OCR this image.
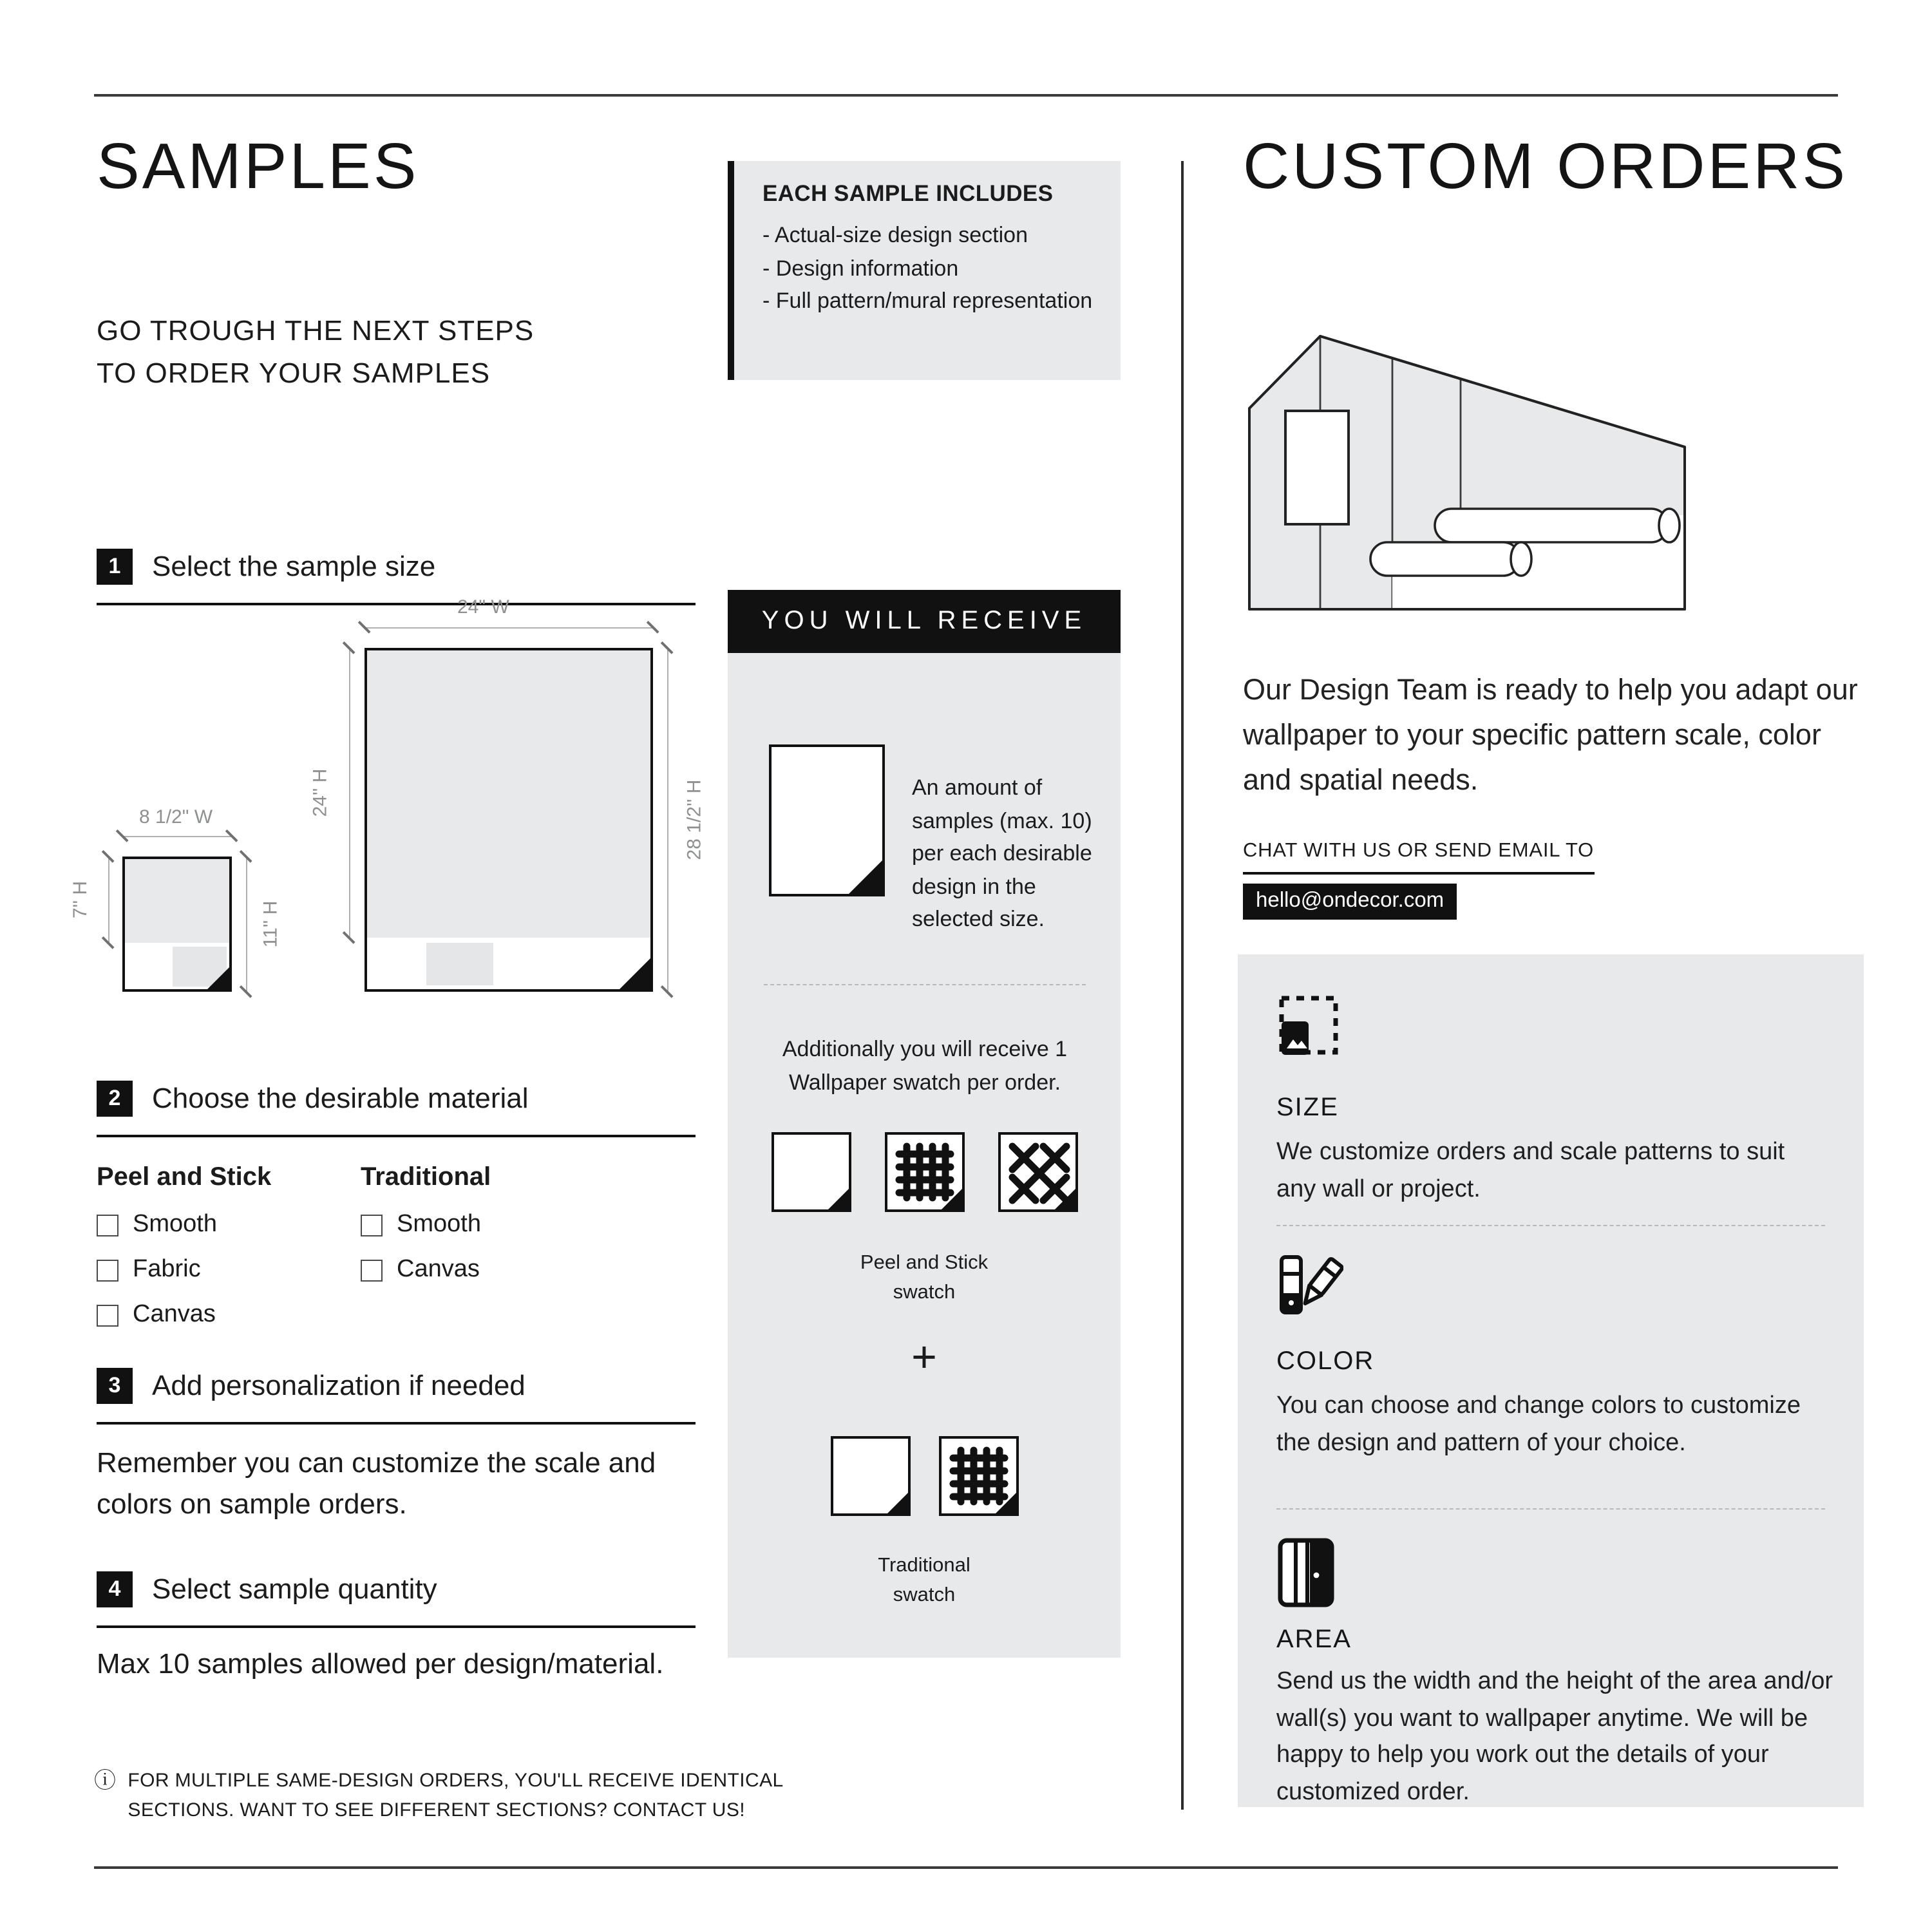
SAMPLES
GO TROUGH THE NEXT STEPS
TO ORDER YOUR SAMPLES
EACH SAMPLE INCLUDES
- Actual-size design section
- Design information
- Full pattern/mural representation
1	Select the sample size
24" W
24'' H	28 1/2'' H
8 1/2" W
7'' H
11'' H
2	Choose the desirable material
Peel and Stick
Smooth
Fabric
Canvas
Traditional
Smooth
Canvas
3	Add personalization if needed
Remember you can customize the scale and colors on sample orders.
4	Select sample quantity
Max 10 samples allowed per design/material.
ⓘ FOR MULTIPLE SAME-DESIGN ORDERS, YOU'LL RECEIVE IDENTICAL SECTIONS. WANT TO SEE DIFFERENT SECTIONS? CONTACT US!
YOU WILL RECEIVE
An amount of samples (max. 10) per each desirable design in the selected size.
Additionally you will receive 1 Wallpaper swatch per order.
Peel and Stick swatch
+
Traditional swatch
CUSTOM ORDERS
Our Design Team is ready to help you adapt our wallpaper to your specific pattern scale, color and spatial needs.
CHAT WITH US OR SEND EMAIL TO
hello@ondecor.com
SIZE
We customize orders and scale patterns to suit any wall or project.
COLOR
You can choose and change colors to customize the design and pattern of your choice.
AREA
Send us the width and the height of the area and/or wall(s) you want to wallpaper anytime. We will be happy to help you work out the details of your customized order.
